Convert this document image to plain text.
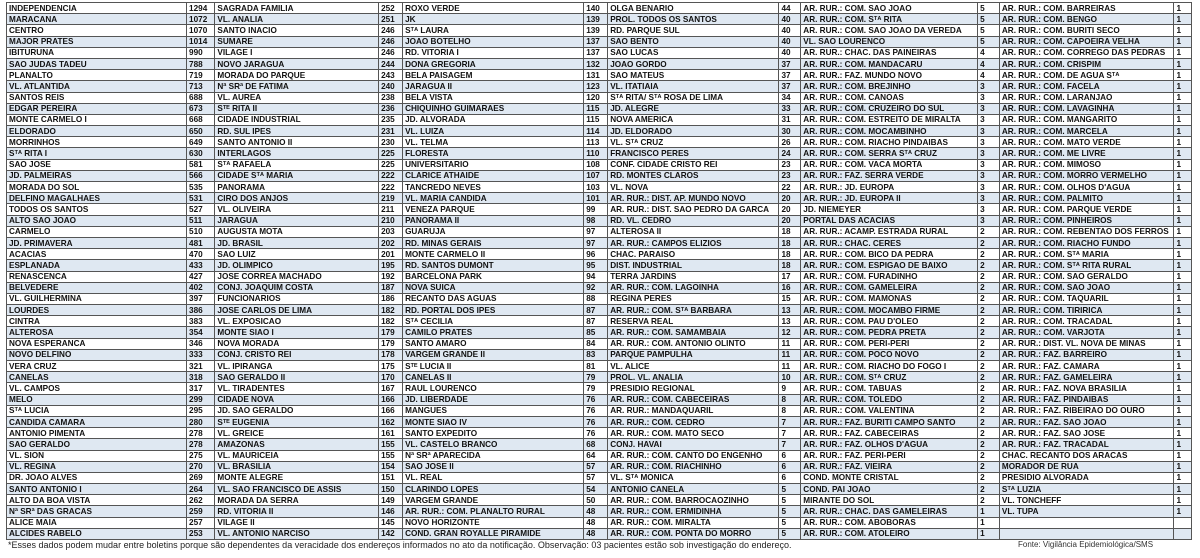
INDEPENDENCIA	1294	SAGRADA FAMILIA	252	ROXO VERDE	140	OLGA BENARIO	44	AR. RUR.: COM. SAO JOAO	5	AR. RUR.: COM. BARREIRAS	1
MARACANA	1072	VL. ANALIA	251	JK	139	PROL. TODOS OS SANTOS	40	AR. RUR.: COM. Sᵀᴬ RITA	5	AR. RUR.: COM. BENGO	1
CENTRO	1070	SANTO INACIO	246	Sᵀᴬ LAURA	139	RD. PARQUE SUL	40	AR. RUR.: COM. SAO JOAO DA VEREDA	5	AR. RUR.: COM. BURITI SECO	1
MAJOR PRATES	1014	SUMARE	246	JOAO BOTELHO	137	SAO BENTO	40	VL. SAO LOURENCO	5	AR. RUR.: COM. CAPOEIRA VELHA	1
IBITURUNA	990	VILAGE I	246	RD. VITORIA I	137	SAO LUCAS	40	AR. RUR.: CHAC. DAS PAINEIRAS	4	AR. RUR.: COM. CORREGO DAS PEDRAS	1
SAO JUDAS TADEU	788	NOVO JARAGUA	244	DONA GREGORIA	132	JOAO GORDO	37	AR. RUR.: COM. MANDACARU	4	AR. RUR.: COM. CRISPIM	1
PLANALTO	719	MORADA DO PARQUE	243	BELA PAISAGEM	131	SAO MATEUS	37	AR. RUR.: FAZ. MUNDO NOVO	4	AR. RUR.: COM. DE AGUA Sᵀᴬ	1
VL. ATLANTIDA	713	Nª SRª DE FATIMA	240	JARAGUA II	123	VL. ITATIAIA	37	AR. RUR.: COM. BREJINHO	3	AR. RUR.: COM. FACELA	1
SANTOS REIS	688	VL. AUREA	238	BELA VISTA	120	Sᵀᴬ RITA/ Sᵀᴬ ROSA DE LIMA	34	AR. RUR.: COM. CANOAS	3	AR. RUR.: COM. LARANJAO	1
EDGAR PEREIRA	673	Sᵀᴱ RITA II	236	CHIQUINHO GUIMARAES	115	JD. ALEGRE	33	AR. RUR.: COM. CRUZEIRO DO SUL	3	AR. RUR.: COM. LAVAGINHA	1
MONTE CARMELO I	668	CIDADE INDUSTRIAL	235	JD. ALVORADA	115	NOVA AMERICA	31	AR. RUR.: COM. ESTREITO DE MIRALTA	3	AR. RUR.: COM. MANGARITO	1
ELDORADO	650	RD. SUL IPES	231	VL. LUIZA	114	JD. ELDORADO	30	AR. RUR.: COM. MOCAMBINHO	3	AR. RUR.: COM. MARCELA	1
MORRINHOS	649	SANTO ANTONIO II	230	VL. TELMA	113	VL. Sᵀᴬ CRUZ	26	AR. RUR.: COM. RIACHO PINDAIBAS	3	AR. RUR.: COM. MATO VERDE	1
Sᵀᴬ RITA I	630	INTERLAGOS	225	FLORESTA	110	FRANCISCO PERES	24	AR. RUR.: COM. SERRA Sᵀᴬ CRUZ	3	AR. RUR.: COM. ME LIVRE	1
SAO JOSE	581	Sᵀᴬ RAFAELA	225	UNIVERSITARIO	108	CONF. CIDADE CRISTO REI	23	AR. RUR.: COM. VACA MORTA	3	AR. RUR.: COM. MIMOSO	1
JD. PALMEIRAS	566	CIDADE Sᵀᴬ MARIA	222	CLARICE ATHAIDE	107	RD. MONTES CLAROS	23	AR. RUR.: FAZ. SERRA VERDE	3	AR. RUR.: COM. MORRO VERMELHO	1
MORADA DO SOL	535	PANORAMA	222	TANCREDO NEVES	103	VL. NOVA	22	AR. RUR.: JD. EUROPA	3	AR. RUR.: COM. OLHOS D'AGUA	1
DELFINO MAGALHAES	531	CIRO DOS ANJOS	219	VL. MARIA CANDIDA	101	AR. RUR.: DIST. AP. MUNDO NOVO	20	AR. RUR.: JD. EUROPA II	3	AR. RUR.: COM. PALMITO	1
TODOS OS SANTOS	527	VL. OLIVEIRA	211	VENEZA PARQUE	99	AR. RUR.: DIST. SAO PEDRO DA GARCA	20	JD. NIEMEYER	3	AR. RUR.: COM. PARQUE VERDE	1
ALTO SAO JOAO	511	JARAGUA	210	PANORAMA II	98	RD. VL. CEDRO	20	PORTAL DAS ACACIAS	3	AR. RUR.: COM. PINHEIROS	1
CARMELO	510	AUGUSTA MOTA	203	GUARUJA	97	ALTEROSA II	18	AR. RUR.: ACAMP. ESTRADA RURAL	2	AR. RUR.: COM. REBENTAO DOS FERROS	1
JD. PRIMAVERA	481	JD. BRASIL	202	RD. MINAS GERAIS	97	AR. RUR.: CAMPOS ELIZIOS	18	AR. RUR.: CHAC. CERES	2	AR. RUR.: COM. RIACHO FUNDO	1
ACACIAS	470	SAO LUIZ	201	MONTE CARMELO II	96	CHAC. PARAISO	18	AR. RUR.: COM. BICO DA PEDRA	2	AR. RUR.: COM. Sᵀᴬ MARIA	1
ESPLANADA	433	JD. OLIMPICO	195	RD. SANTOS DUMONT	95	DIST. INDUSTRIAL	18	AR. RUR.: COM. ESPIGAO DE BAIXO	2	AR. RUR.: COM. Sᵀᴬ RITA RURAL	1
RENASCENCA	427	JOSE CORREA MACHADO	192	BARCELONA PARK	94	TERRA JARDINS	17	AR. RUR.: COM. FURADINHO	2	AR. RUR.: COM. SAO GERALDO	1
BELVEDERE	402	CONJ. JOAQUIM COSTA	187	NOVA SUICA	92	AR. RUR.: COM. LAGOINHA	16	AR. RUR.: COM. GAMELEIRA	2	AR. RUR.: COM. SAO JOAO	1
VL. GUILHERMINA	397	FUNCIONARIOS	186	RECANTO DAS AGUAS	88	REGINA PERES	15	AR. RUR.: COM. MAMONAS	2	AR. RUR.: COM. TAQUARIL	1
LOURDES	386	JOSE CARLOS DE LIMA	182	RD. PORTAL DOS IPES	87	AR. RUR.: COM. Sᵀᴬ BARBARA	13	AR. RUR.: COM. MOCAMBO FIRME	2	AR. RUR.: COM. TIRIRICA	1
CINTRA	383	VL. EXPOSICAO	182	Sᵀᴬ CECILIA	87	RESERVA REAL	13	AR. RUR.: COM. PAU D'OLEO	2	AR. RUR.: COM. TRACADAL	1
ALTEROSA	354	MONTE SIAO I	179	CAMILO PRATES	85	AR. RUR.: COM. SAMAMBAIA	12	AR. RUR.: COM. PEDRA PRETA	2	AR. RUR.: COM. VARJOTA	1
NOVA ESPERANCA	346	NOVA MORADA	179	SANTO AMARO	84	AR. RUR.: COM. ANTONIO OLINTO	11	AR. RUR.: COM. PERI-PERI	2	AR. RUR.: DIST. VL. NOVA DE MINAS	1
NOVO DELFINO	333	CONJ. CRISTO REI	178	VARGEM GRANDE II	83	PARQUE PAMPULHA	11	AR. RUR.: COM. POCO NOVO	2	AR. RUR.: FAZ. BARREIRO	1
VERA CRUZ	321	VL. IPIRANGA	175	Sᵀᴱ LUCIA II	81	VL. ALICE	11	AR. RUR.: COM. RIACHO DO FOGO I	2	AR. RUR.: FAZ. CAMARA	1
CANELAS	318	SAO GERALDO II	170	CANELAS II	79	PROL. VL. ANALIA	10	AR. RUR.: COM. Sᵀᴬ CRUZ	2	AR. RUR.: FAZ. GAMELEIRA	1
VL. CAMPOS	317	VL. TIRADENTES	167	RAUL LOURENCO	79	PRESIDIO REGIONAL	9	AR. RUR.: COM. TABUAS	2	AR. RUR.: FAZ. NOVA BRASILIA	1
MELO	299	CIDADE NOVA	166	JD. LIBERDADE	76	AR. RUR.: COM. CABECEIRAS	8	AR. RUR.: COM. TOLEDO	2	AR. RUR.: FAZ. PINDAIBAS	1
Sᵀᴬ LUCIA	295	JD. SAO GERALDO	166	MANGUES	76	AR. RUR.: MANDAQUARIL	8	AR. RUR.: COM. VALENTINA	2	AR. RUR.: FAZ. RIBEIRAO DO OURO	1
CANDIDA CAMARA	280	Sᵀᴱ EUGENIA	162	MONTE SIAO IV	76	AR. RUR.: COM. CEDRO	7	AR. RUR.: FAZ. BURITI CAMPO SANTO	2	AR. RUR.: FAZ. SAO JOAO	1
ANTONIO PIMENTA	278	VL. GREICE	161	SANTO EXPEDITO	76	AR. RUR.: COM. MATO SECO	7	AR. RUR.: FAZ. CABECEIRAS	2	AR. RUR.: FAZ. SAO JOSE	1
SAO GERALDO	278	AMAZONAS	155	VL. CASTELO BRANCO	68	CONJ. HAVAI	7	AR. RUR.: FAZ. OLHOS D'AGUA	2	AR. RUR.: FAZ. TRACADAL	1
VL. SION	275	VL. MAURICEIA	155	Nª SRª APARECIDA	64	AR. RUR.: COM. CANTO DO ENGENHO	6	AR. RUR.: FAZ. PERI-PERI	2	CHAC. RECANTO DOS ARACAS	1
VL. REGINA	270	VL. BRASILIA	154	SAO JOSE II	57	AR. RUR.: COM. RIACHINHO	6	AR. RUR.: FAZ. VIEIRA	2	MORADOR DE RUA	1
DR. JOAO ALVES	269	MONTE ALEGRE	151	VL. REAL	57	VL. Sᵀᴬ MONICA	6	COND. MONTE CRISTAL	2	PRESIDIO ALVORADA	1
SANTO ANTONIO I	264	VL. SAO FRANCISCO DE ASSIS	150	CLARINDO LOPES	54	ANTONIO CANELA	5	COND. PAI JOAO	2	Sᵀᴬ LUZIA	1
ALTO DA BOA VISTA	262	MORADA DA SERRA	149	VARGEM GRANDE	50	AR. RUR.: COM. BARROCAOZINHO	5	MIRANTE DO SOL	2	VL. TONCHEFF	1
Nª SRª DAS GRACAS	259	RD. VITORIA II	146	AR. RUR.: COM. PLANALTO RURAL	48	AR. RUR.: COM. ERMIDINHA	5	AR. RUR.: CHAC. DAS GAMELEIRAS	1	VL. TUPA	1
ALICE MAIA	257	VILAGE II	145	NOVO HORIZONTE	48	AR. RUR.: COM. MIRALTA	5	AR. RUR.: COM. ABOBORAS	1		
ALCIDES RABELO	253	VL. ANTONIO NARCISO	142	COND. GRAN ROYALLE PIRAMIDE	48	AR. RUR.: COM. PONTA DO MORRO	5	AR. RUR.: COM. ATOLEIRO	1		
*Esses dados podem mudar entre boletins porque são dependentes da veracidade dos endereços informados no ato da notificação. Observação: 03 pacientes estão sob investigação do endereço.	Fonte: Vigilância Epidemiológica/SMS
